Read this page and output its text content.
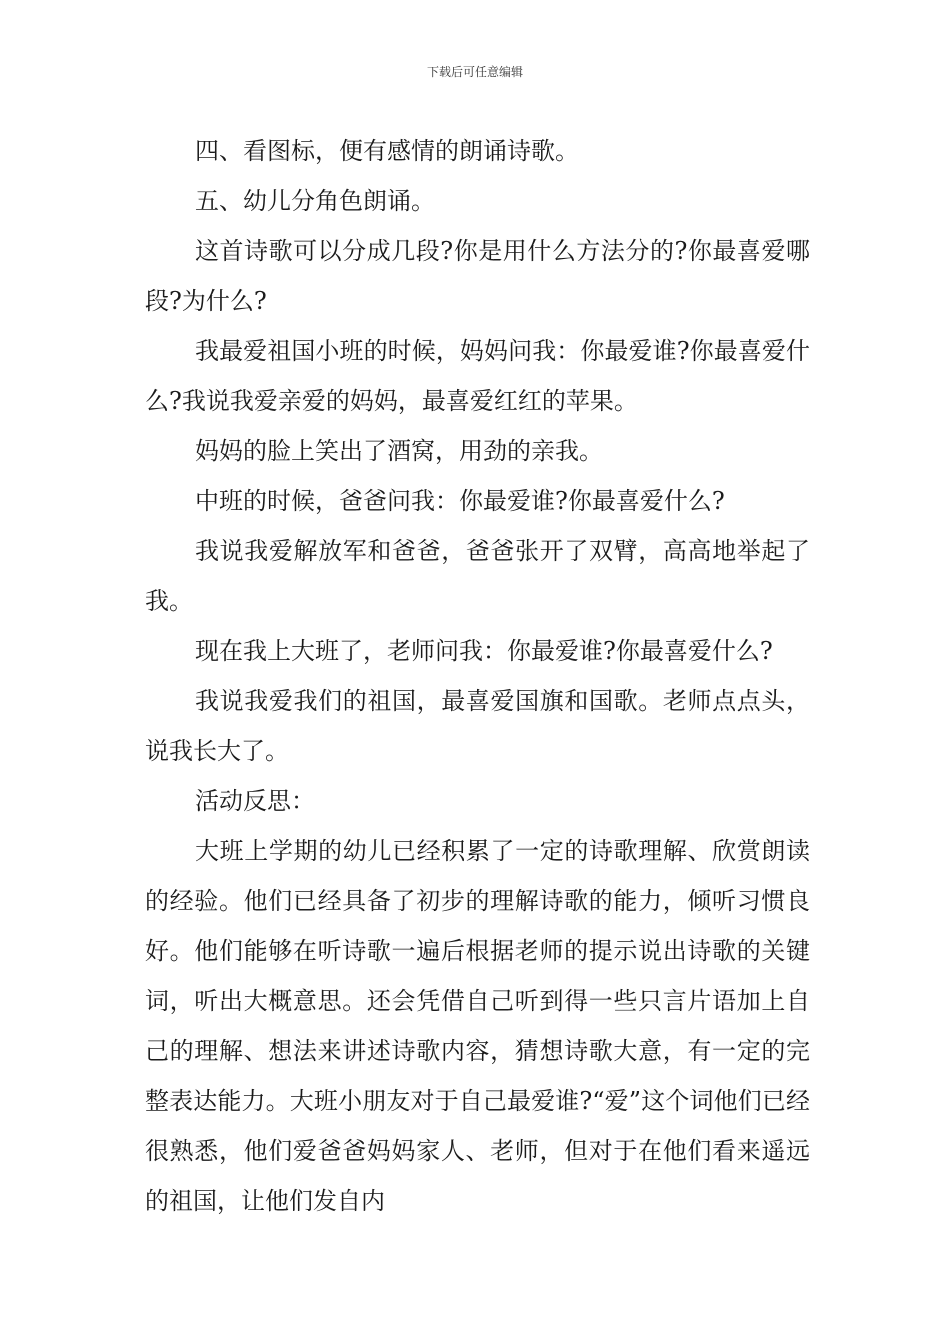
下载后可任意编辑

四、看图标，便有感情的朗诵诗歌。

五、幼儿分角色朗诵。

这首诗歌可以分成几段?你是用什么方法分的?你最喜爱哪段?为什么?

我最爱祖国小班的时候，妈妈问我：你最爱谁?你最喜爱什么?我说我爱亲爱的妈妈，最喜爱红红的苹果。

妈妈的脸上笑出了酒窝，用劲的亲我。

中班的时候，爸爸问我：你最爱谁?你最喜爱什么?

我说我爱解放军和爸爸，爸爸张开了双臂，高高地举起了我。

现在我上大班了，老师问我：你最爱谁?你最喜爱什么?

我说我爱我们的祖国，最喜爱国旗和国歌。老师点点头，说我长大了。

活动反思：

大班上学期的幼儿已经积累了一定的诗歌理解、欣赏朗读的经验。他们已经具备了初步的理解诗歌的能力，倾听习惯良好。他们能够在听诗歌一遍后根据老师的提示说出诗歌的关键词，听出大概意思。还会凭借自己听到得一些只言片语加上自己的理解、想法来讲述诗歌内容，猜想诗歌大意，有一定的完整表达能力。大班小朋友对于自己最爱谁?“爱”这个词他们已经很熟悉，他们爱爸爸妈妈家人、老师，但对于在他们看来遥远的祖国，让他们发自内
